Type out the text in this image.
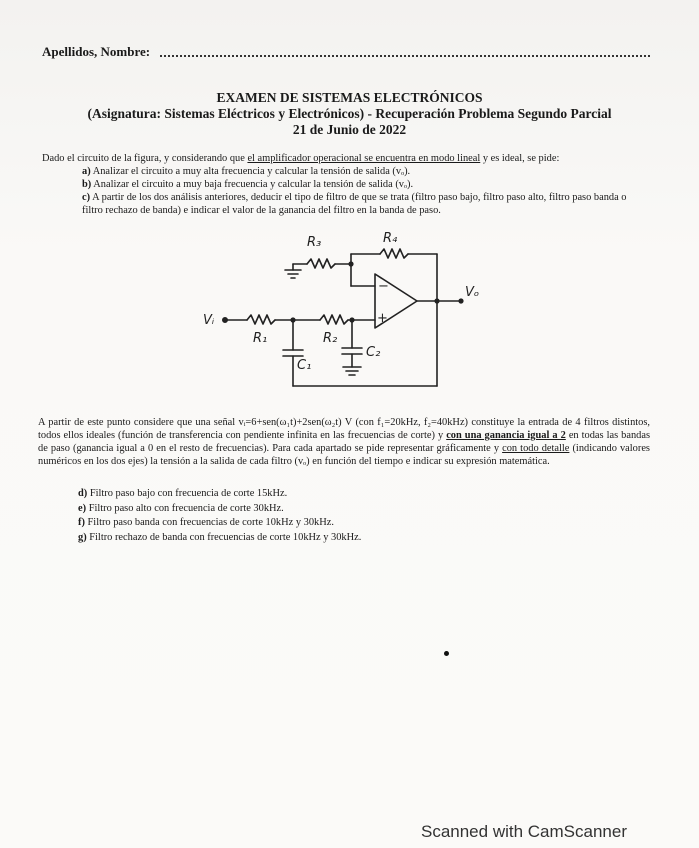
Apellidos, Nombre:
EXAMEN DE SISTEMAS ELECTRÓNICOS
(Asignatura: Sistemas Eléctricos y Electrónicos) - Recuperación Problema Segundo Parcial
21 de Junio de 2022
Dado el circuito de la figura, y considerando que el amplificador operacional se encuentra en modo lineal y es ideal, se pide:
a) Analizar el circuito a muy alta frecuencia y calcular la tensión de salida (vₒ).
b) Analizar el circuito a muy baja frecuencia y calcular la tensión de salida (vₒ).
c) A partir de los dos análisis anteriores, deducir el tipo de filtro de que se trata (filtro paso bajo, filtro paso alto, filtro paso banda o filtro rechazo de banda) e indicar el valor de la ganancia del filtro en la banda de paso.
R₃	R₄
R₁	R₂
C₁
C₂
Vᵢ
Vₒ
−
+
A partir de este punto considere que una señal vᵢ=6+sen(ω₁t)+2sen(ω₂t) V (con f₁=20kHz, f₂=40kHz) constituye la entrada de 4 filtros distintos, todos ellos ideales (función de transferencia con pendiente infinita en las frecuencias de corte) y con una ganancia igual a 2 en todas las bandas de paso (ganancia igual a 0 en el resto de frecuencias). Para cada apartado se pide representar gráficamente y con todo detalle (indicando valores numéricos en los dos ejes) la tensión a la salida de cada filtro (vₒ) en función del tiempo e indicar su expresión matemática.
d) Filtro paso bajo con frecuencia de corte 15kHz.
e) Filtro paso alto con frecuencia de corte 30kHz.
f) Filtro paso banda con frecuencias de corte 10kHz y 30kHz.
g) Filtro rechazo de banda con frecuencias de corte 10kHz y 30kHz.
Scanned with CamScanner
